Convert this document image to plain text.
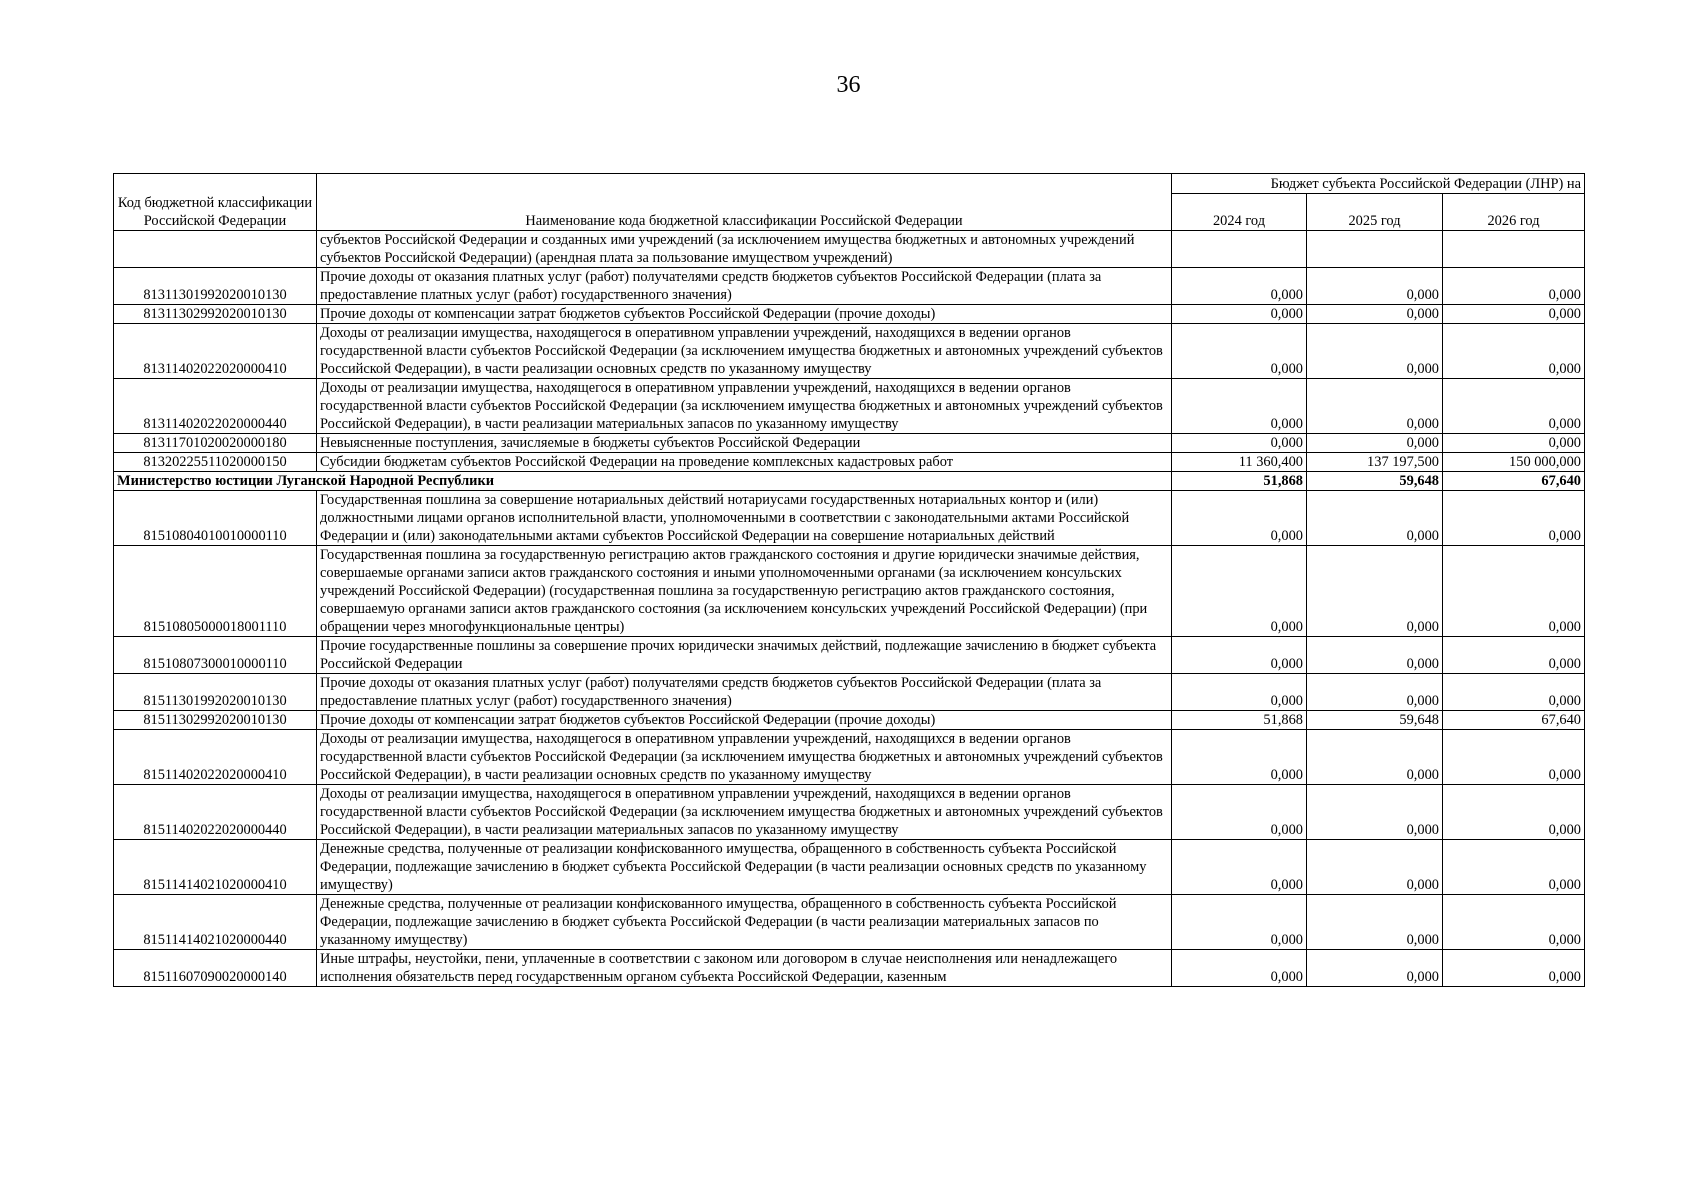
36
Код бюджетной классификации Российской Федерации	Наименование кода бюджетной классификации Российской Федерации	Бюджет субъекта Российской Федерации (ЛНР) на		
		2024 год	2025 год	2026 год
	субъектов Российской Федерации и созданных ими учреждений (за исключением имущества бюджетных и автономных учреждений субъектов Российской Федерации) (арендная плата за пользование имуществом учреждений)			
81311301992020010130	Прочие доходы от оказания платных услуг (работ) получателями средств бюджетов субъектов Российской Федерации (плата за предоставление платных услуг (работ) государственного значения)	0,000	0,000	0,000
81311302992020010130	Прочие доходы от компенсации затрат бюджетов субъектов Российской Федерации (прочие доходы)	0,000	0,000	0,000
81311402022020000410	Доходы от реализации имущества, находящегося в оперативном управлении учреждений, находящихся в ведении органов государственной власти субъектов Российской Федерации (за исключением имущества бюджетных и автономных учреждений субъектов Российской Федерации), в части реализации основных средств по указанному имуществу	0,000	0,000	0,000
81311402022020000440	Доходы от реализации имущества, находящегося в оперативном управлении учреждений, находящихся в ведении органов государственной власти субъектов Российской Федерации (за исключением имущества бюджетных и автономных учреждений субъектов Российской Федерации), в части реализации материальных запасов по указанному имуществу	0,000	0,000	0,000
81311701020020000180	Невыясненные поступления, зачисляемые в бюджеты субъектов Российской Федерации	0,000	0,000	0,000
81320225511020000150	Субсидии бюджетам субъектов Российской Федерации на проведение комплексных кадастровых работ	11 360,400	137 197,500	150 000,000
Министерство юстиции Луганской Народной Республики		51,868	59,648	67,640
81510804010010000110	Государственная пошлина за совершение нотариальных действий нотариусами государственных нотариальных контор и (или) должностными лицами органов исполнительной власти, уполномоченными в соответствии с законодательными актами Российской Федерации и (или) законодательными актами субъектов Российской Федерации на совершение нотариальных действий	0,000	0,000	0,000
81510805000018001110	Государственная пошлина за государственную регистрацию актов гражданского состояния и другие юридически значимые действия, совершаемые органами записи актов гражданского состояния и иными уполномоченными органами (за исключением консульских учреждений Российской Федерации) (государственная пошлина за государственную регистрацию актов гражданского состояния, совершаемую органами записи актов гражданского состояния (за исключением консульских учреждений Российской Федерации) (при обращении через многофункциональные центры)	0,000	0,000	0,000
81510807300010000110	Прочие государственные пошлины за совершение прочих юридически значимых действий, подлежащие зачислению в бюджет субъекта Российской Федерации	0,000	0,000	0,000
81511301992020010130	Прочие доходы от оказания платных услуг (работ) получателями средств бюджетов субъектов Российской Федерации (плата за предоставление платных услуг (работ) государственного значения)	0,000	0,000	0,000
81511302992020010130	Прочие доходы от компенсации затрат бюджетов субъектов Российской Федерации (прочие доходы)	51,868	59,648	67,640
81511402022020000410	Доходы от реализации имущества, находящегося в оперативном управлении учреждений, находящихся в ведении органов государственной власти субъектов Российской Федерации (за исключением имущества бюджетных и автономных учреждений субъектов Российской Федерации), в части реализации основных средств по указанному имуществу	0,000	0,000	0,000
81511402022020000440	Доходы от реализации имущества, находящегося в оперативном управлении учреждений, находящихся в ведении органов государственной власти субъектов Российской Федерации (за исключением имущества бюджетных и автономных учреждений субъектов Российской Федерации), в части реализации материальных запасов по указанному имуществу	0,000	0,000	0,000
81511414021020000410	Денежные средства, полученные от реализации конфискованного имущества, обращенного в собственность субъекта Российской Федерации, подлежащие зачислению в бюджет субъекта Российской Федерации (в части реализации основных средств по указанному имуществу)	0,000	0,000	0,000
81511414021020000440	Денежные средства, полученные от реализации конфискованного имущества, обращенного в собственность субъекта Российской Федерации, подлежащие зачислению в бюджет субъекта Российской Федерации (в части реализации материальных запасов по указанному имуществу)	0,000	0,000	0,000
81511607090020000140	Иные штрафы, неустойки, пени, уплаченные в соответствии с законом или договором в случае неисполнения или ненадлежащего исполнения обязательств перед государственным органом субъекта Российской Федерации, казенным	0,000	0,000	0,000
